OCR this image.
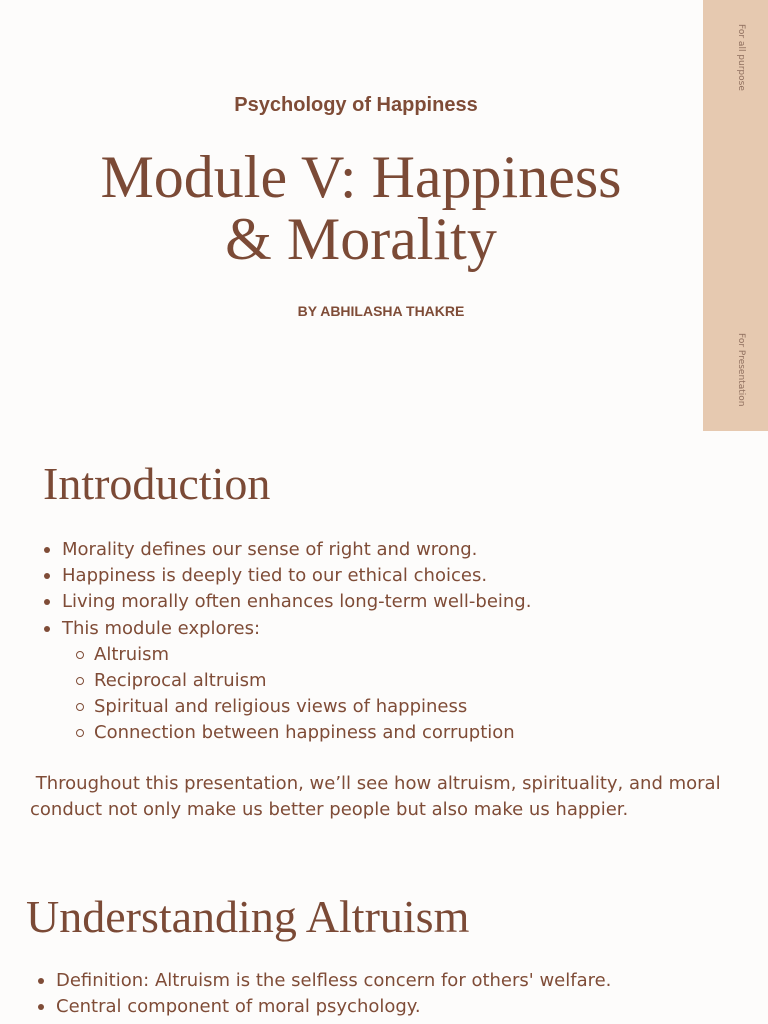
For all purpose
For Presentation
Psychology of Happiness
Module V: Happiness
& Morality
BY ABHILASHA THAKRE
Introduction
Morality defines our sense of right and wrong.
Happiness is deeply tied to our ethical choices.
Living morally often enhances long-term well-being.
This module explores:
Altruism
Reciprocal altruism
Spiritual and religious views of happiness
Connection between happiness and corruption
Throughout this presentation, we’ll see how altruism, spirituality, and moral
conduct not only make us better people but also make us happier.
Understanding Altruism
Definition: Altruism is the selfless concern for others' welfare.
Central component of moral psychology.
